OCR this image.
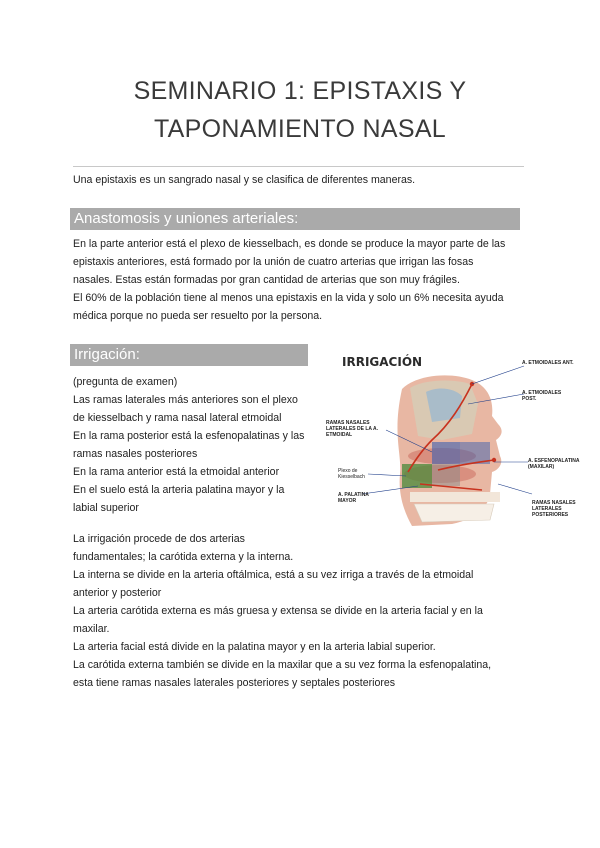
SEMINARIO 1: EPISTAXIS Y
TAPONAMIENTO NASAL

Una epistaxis es un sangrado nasal y se clasifica de diferentes maneras.

Anastomosis y uniones arteriales:
En la parte anterior está el plexo de kiesselbach, es donde se produce la mayor parte de las
epistaxis anteriores, está formado por la unión de cuatro arterias que irrigan las fosas
nasales. Estas están formadas por gran cantidad de arterias que son muy frágiles.
El 60% de la población tiene al menos una epistaxis en la vida y solo un 6% necesita ayuda
médica porque no pueda ser resuelto por la persona.
Irrigación:
(pregunta de examen)
Las ramas laterales más anteriores son el plexo
de kiesselbach y rama nasal lateral etmoidal
En la rama posterior está la esfenopalatinas y las
ramas nasales posteriores
En la rama anterior está la etmoidal anterior
En el suelo está la arteria palatina mayor y la
labial superior
IRRIGACIÓN	A. ETMOIDALES ANT.
A. ETMOIDALES POST.
RAMAS NASALES LATERALES DE LA A. ETMOIDAL
Plexo de Kiesselbach
A. PALATINA MAYOR
A. ESFENOPALATINA (MAXILAR)
RAMAS NASALES LATERALES POSTERIORES
La irrigación procede de dos arterias
fundamentales; la carótida externa y la interna.
La interna se divide en la arteria oftálmica, está a su vez irriga a través de la etmoidal
anterior y posterior
La arteria carótida externa es más gruesa y extensa se divide en la arteria facial y en la
maxilar.
La arteria facial está divide en la palatina mayor y en la arteria labial superior.
La carótida externa también se divide en la maxilar que a su vez forma la esfenopalatina,
esta tiene ramas nasales laterales posteriores y septales posteriores
